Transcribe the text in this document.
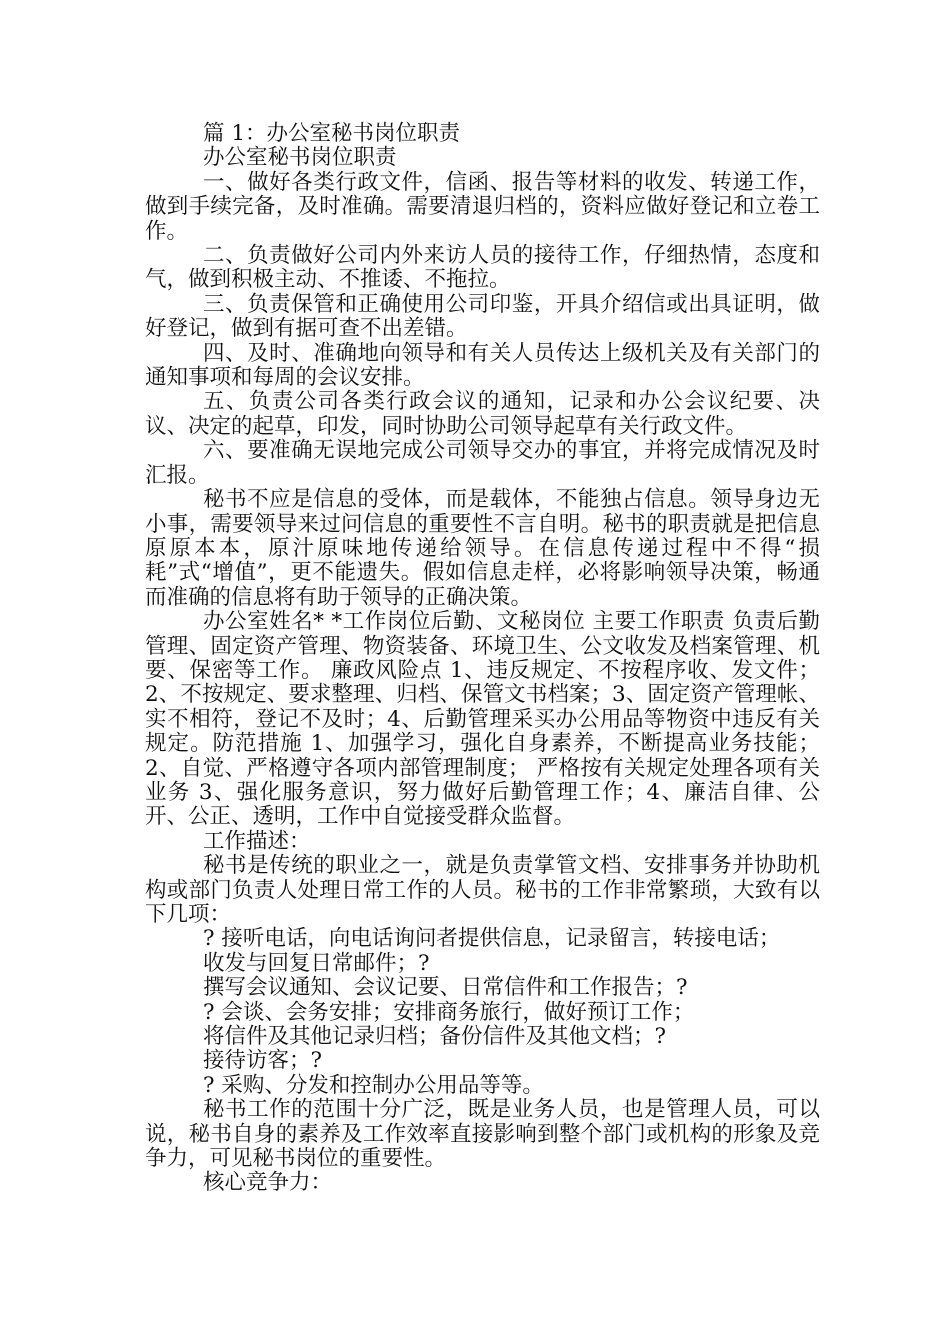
篇 1：办公室秘书岗位职责

办公室秘书岗位职责

一、做好各类行政文件，信函、报告等材料的收发、转递工作，做到手续完备，及时准确。需要清退归档的，资料应做好登记和立卷工作。

二、负责做好公司内外来访人员的接待工作，仔细热情，态度和气，做到积极主动、不推诿、不拖拉。

三、负责保管和正确使用公司印鉴，开具介绍信或出具证明，做好登记，做到有据可查不出差错。

四、及时、准确地向领导和有关人员传达上级机关及有关部门的通知事项和每周的会议安排。

五、负责公司各类行政会议的通知，记录和办公会议纪要、决议、决定的起草，印发，同时协助公司领导起草有关行政文件。

六、要准确无误地完成公司领导交办的事宜，并将完成情况及时汇报。

秘书不应是信息的受体，而是载体，不能独占信息。领导身边无小事，需要领导来过问信息的重要性不言自明。秘书的职责就是把信息原原本本，原汁原味地传递给领导。在信息传递过程中不得“损耗”式“增值”，更不能遗失。假如信息走样，必将影响领导决策，畅通而准确的信息将有助于领导的正确决策。

办公室姓名* *工作岗位后勤、文秘岗位 主要工作职责 负责后勤管理、固定资产管理、物资装备、环境卫生、公文收发及档案管理、机要、保密等工作。 廉政风险点 1、违反规定、不按程序收、发文件；2、不按规定、要求整理、归档、保管文书档案；3、固定资产管理帐、实不相符，登记不及时；4、后勤管理采买办公用品等物资中违反有关规定。防范措施 1、加强学习，强化自身素养，不断提高业务技能；2、自觉、严格遵守各项内部管理制度； 严格按有关规定处理各项有关业务 3、强化服务意识，努力做好后勤管理工作；4、廉洁自律、公开、公正、透明，工作中自觉接受群众监督。

工作描述：

秘书是传统的职业之一，就是负责掌管文档、安排事务并协助机构或部门负责人处理日常工作的人员。秘书的工作非常繁琐，大致有以下几项：

? 接听电话，向电话询问者提供信息，记录留言，转接电话；

收发与回复日常邮件；?

撰写会议通知、会议记要、日常信件和工作报告；?

? 会谈、会务安排；安排商务旅行，做好预订工作；

将信件及其他记录归档；备份信件及其他文档；?

接待访客；?

? 采购、分发和控制办公用品等等。

秘书工作的范围十分广泛，既是业务人员，也是管理人员，可以说，秘书自身的素养及工作效率直接影响到整个部门或机构的形象及竞争力，可见秘书岗位的重要性。

核心竞争力：
